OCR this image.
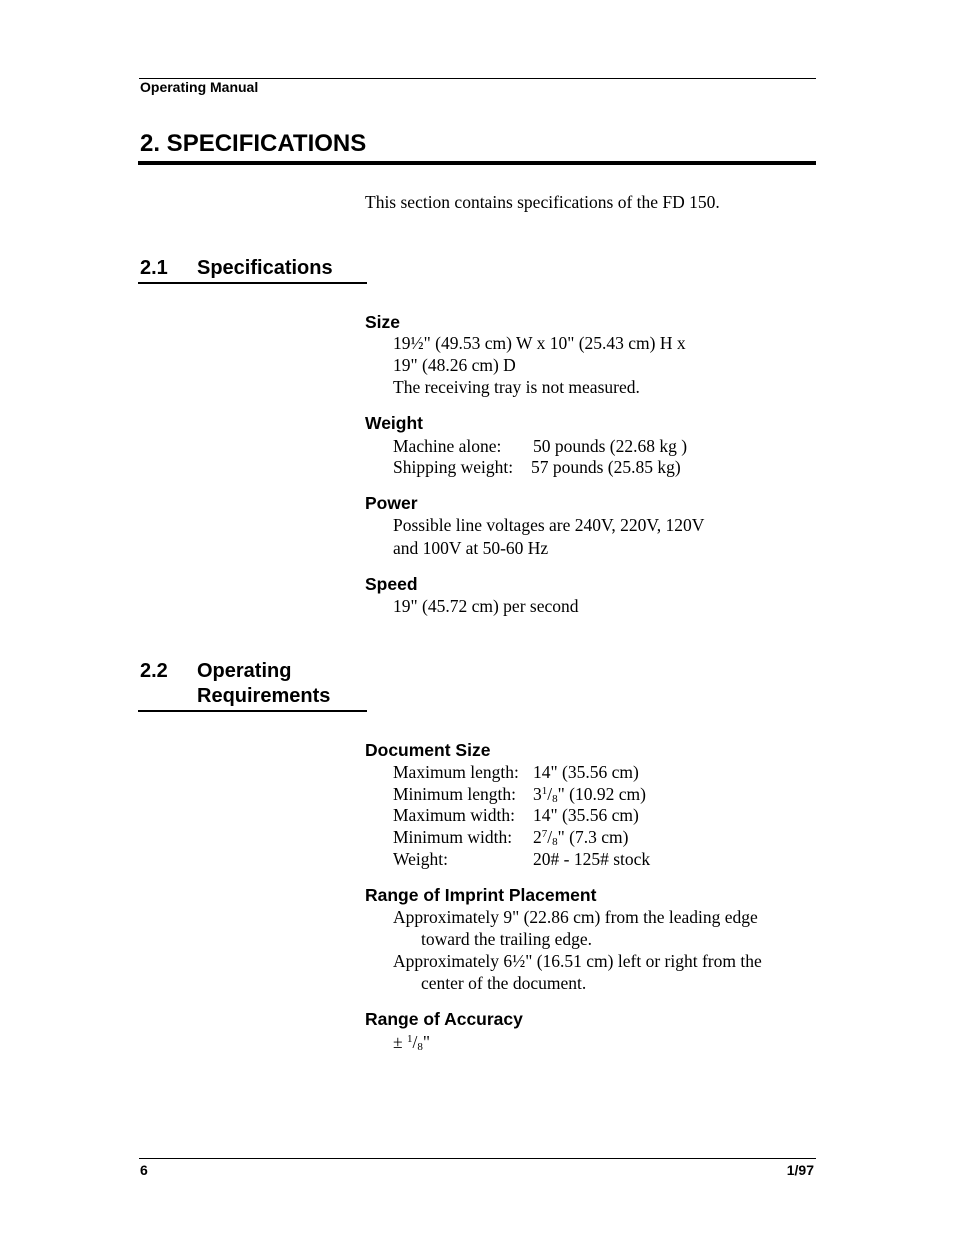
Operating Manual
2. SPECIFICATIONS
This section contains specifications of the FD 150.
2.1 Specifications
Size
19½" (49.53 cm) W x 10" (25.43 cm) H x
19" (48.26 cm) D
The receiving tray is not measured.
Weight
Machine alone: 50 pounds (22.68 kg )
Shipping weight: 57 pounds (25.85 kg)
Power
Possible line voltages are 240V, 220V, 120V
and 100V at 50-60 Hz
Speed
19" (45.72 cm) per second
2.2 Operating
Requirements
Document Size
Maximum length: 14" (35.56 cm)
Minimum length: $3^1/_8$" (10.92 cm)
Maximum width: 14" (35.56 cm)
Minimum width: $2^7/_8$" (7.3 cm)
Weight:	20# - 125# stock
Range of Imprint Placement
Approximately 9" (22.86 cm) from the leading edge
toward the trailing edge.
Approximately 6½" (16.51 cm) left or right from the
center of the document.
Range of Accuracy
± $^1/_8$"
6	1/97
